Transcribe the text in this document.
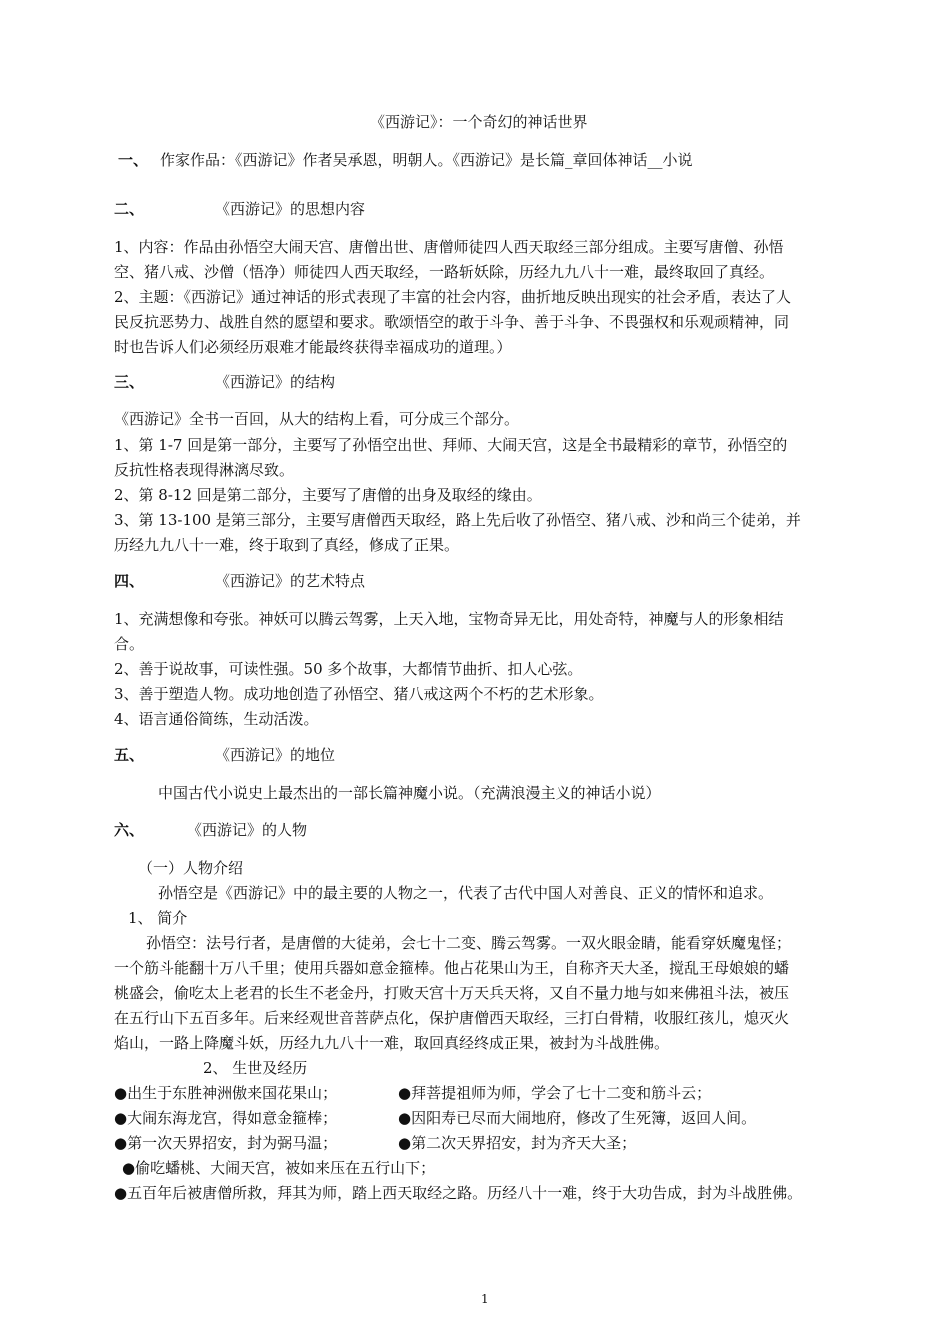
《西游记》：一个奇幻的神话世界
一、 作家作品：《西游记》作者吴承恩，明朝人。《西游记》是长篇_章回体神话__小说
二、	《西游记》的思想内容
1、内容：作品由孙悟空大闹天宫、唐僧出世、唐僧师徒四人西天取经三部分组成。主要写唐僧、孙悟
空、猪八戒、沙僧（悟净）师徒四人西天取经，一路斩妖除，历经九九八十一难，最终取回了真经。
2、主题：《西游记》通过神话的形式表现了丰富的社会内容，曲折地反映出现实的社会矛盾，表达了人
民反抗恶势力、战胜自然的愿望和要求。歌颂悟空的敢于斗争、善于斗争、不畏强权和乐观顽精神，同
时也告诉人们必须经历艰难才能最终获得幸福成功的道理。）
三、	《西游记》的结构
《西游记》全书一百回，从大的结构上看，可分成三个部分。
1、第 1-7 回是第一部分，主要写了孙悟空出世、拜师、大闹天宫，这是全书最精彩的章节，孙悟空的
反抗性格表现得淋漓尽致。
2、第 8-12 回是第二部分，主要写了唐僧的出身及取经的缘由。
3、第 13-100 是第三部分，主要写唐僧西天取经，路上先后收了孙悟空、猪八戒、沙和尚三个徒弟，并
历经九九八十一难，终于取到了真经，修成了正果。
四、	《西游记》的艺术特点
1、充满想像和夸张。神妖可以腾云驾雾，上天入地，宝物奇异无比，用处奇特，神魔与人的形象相结
合。
2、善于说故事，可读性强。50 多个故事，大都情节曲折、扣人心弦。
3、善于塑造人物。成功地创造了孙悟空、猪八戒这两个不朽的艺术形象。
4、语言通俗简练，生动活泼。
五、	《西游记》的地位
中国古代小说史上最杰出的一部长篇神魔小说。（充满浪漫主义的神话小说）
六、	《西游记》的人物
（一）人物介绍
孙悟空是《西游记》中的最主要的人物之一，代表了古代中国人对善良、正义的情怀和追求。
1、 简介
孙悟空：法号行者，是唐僧的大徒弟，会七十二变、腾云驾雾。一双火眼金睛，能看穿妖魔鬼怪；
一个筋斗能翻十万八千里；使用兵器如意金箍棒。他占花果山为王，自称齐天大圣，搅乱王母娘娘的蟠
桃盛会，偷吃太上老君的长生不老金丹，打败天宫十万天兵天将，又自不量力地与如来佛祖斗法，被压
在五行山下五百多年。后来经观世音菩萨点化，保护唐僧西天取经，三打白骨精，收服红孩儿，熄灭火
焰山，一路上降魔斗妖，历经九九八十一难，取回真经终成正果，被封为斗战胜佛。
2、 生世及经历
●出生于东胜神洲傲来国花果山；	●拜菩提祖师为师，学会了七十二变和筋斗云；
●大闹东海龙宫，得如意金箍棒；	●因阳寿已尽而大闹地府，修改了生死簿，返回人间。
●第一次天界招安，封为弼马温；	●第二次天界招安，封为齐天大圣；
●偷吃蟠桃、大闹天宫，被如来压在五行山下；
●五百年后被唐僧所救，拜其为师，踏上西天取经之路。历经八十一难，终于大功告成，封为斗战胜佛。
1
